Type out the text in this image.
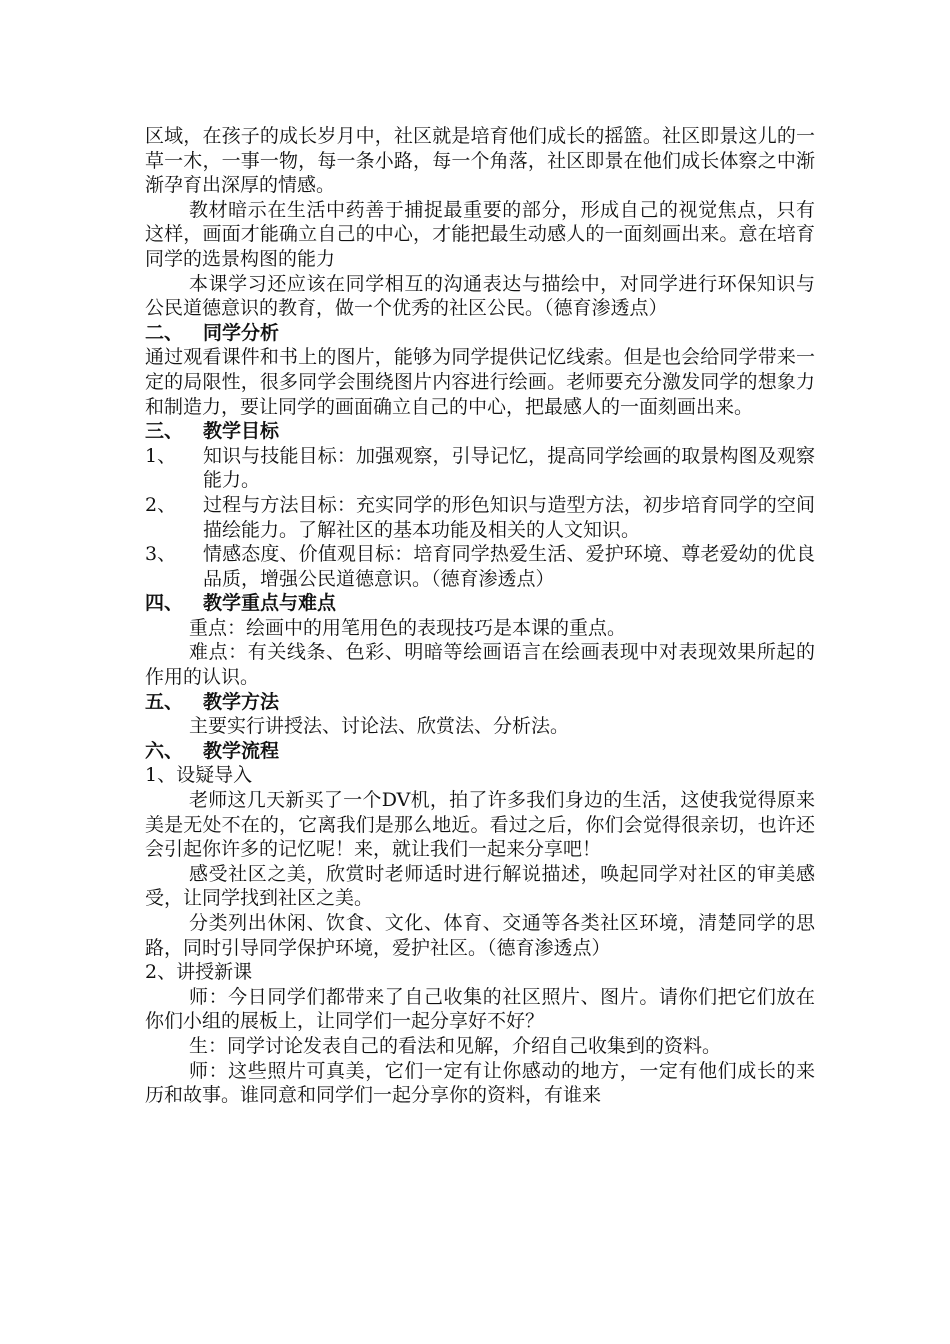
区域，在孩子的成长岁月中，社区就是培育他们成长的摇篮。社区即景这儿的一草一木，一事一物，每一条小路，每一个角落，社区即景在他们成长体察之中渐渐孕育出深厚的情感。

教材暗示在生活中药善于捕捉最重要的部分，形成自己的视觉焦点，只有这样，画面才能确立自己的中心，才能把最生动感人的一面刻画出来。意在培育同学的选景构图的能力

本课学习还应该在同学相互的沟通表达与描绘中，对同学进行环保知识与公民道德意识的教育，做一个优秀的社区公民。（德育渗透点）

二、	同学分析

通过观看课件和书上的图片，能够为同学提供记忆线索。但是也会给同学带来一定的局限性，很多同学会围绕图片内容进行绘画。老师要充分激发同学的想象力和制造力，要让同学的画面确立自己的中心，把最感人的一面刻画出来。

三、	教学目标
1、	知识与技能目标：加强观察，引导记忆，提高同学绘画的取景构图及观察能力。
2、	过程与方法目标：充实同学的形色知识与造型方法，初步培育同学的空间描绘能力。了解社区的基本功能及相关的人文知识。
3、	情感态度、价值观目标：培育同学热爱生活、爱护环境、尊老爱幼的优良品质，增强公民道德意识。（德育渗透点）
四、	教学重点与难点

重点：绘画中的用笔用色的表现技巧是本课的重点。

难点：有关线条、色彩、明暗等绘画语言在绘画表现中对表现效果所起的作用的认识。

五、	教学方法

主要实行讲授法、讨论法、欣赏法、分析法。

六、	教学流程

1、设疑导入

老师这几天新买了一个DV机，拍了许多我们身边的生活，这使我觉得原来美是无处不在的，它离我们是那么地近。看过之后，你们会觉得很亲切，也许还会引起你许多的记忆呢！来，就让我们一起来分享吧！

感受社区之美，欣赏时老师适时进行解说描述，唤起同学对社区的审美感受，让同学找到社区之美。

分类列出休闲、饮食、文化、体育、交通等各类社区环境，清楚同学的思路，同时引导同学保护环境，爱护社区。（德育渗透点）

2、讲授新课

师：今日同学们都带来了自己收集的社区照片、图片。请你们把它们放在你们小组的展板上，让同学们一起分享好不好？

生：同学讨论发表自己的看法和见解，介绍自己收集到的资料。

师：这些照片可真美，它们一定有让你感动的地方，一定有他们成长的来历和故事。谁同意和同学们一起分享你的资料，有谁来
